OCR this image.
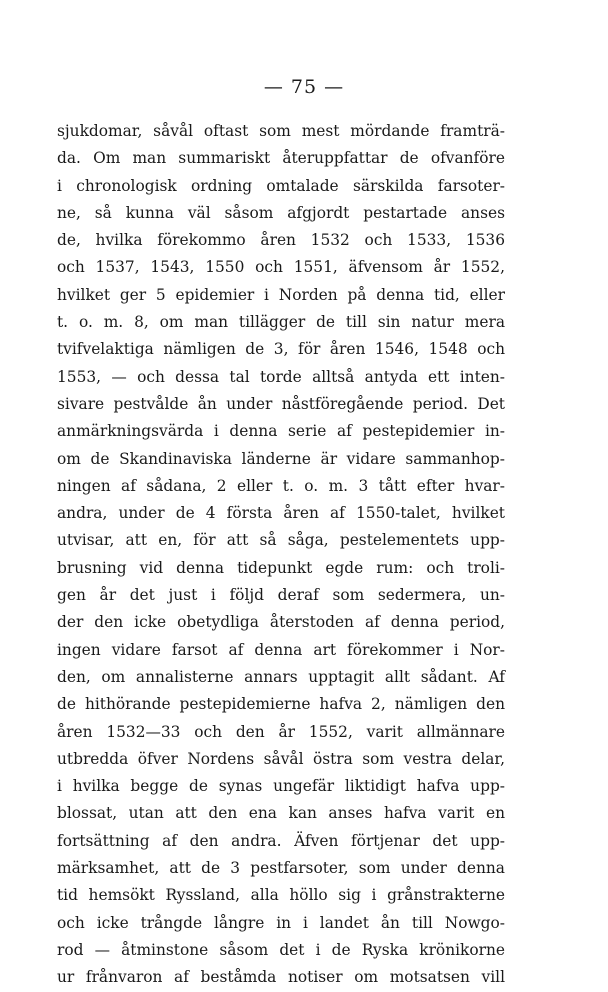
— 75 —
sjukdomar, såvål oftast som mest mördande framträ-
da. Om man summariskt återuppfattar de ofvanföre
i chronologisk ordning omtalade särskilda farsoter-
ne, så kunna väl såsom afgjordt pestartade anses
de, hvilka förekommo åren 1532 och 1533, 1536
och 1537, 1543, 1550 och 1551, äfvensom år 1552,
hvilket ger 5 epidemier i Norden på denna tid, eller
t. o. m. 8, om man tillägger de till sin natur mera
tvifvelaktiga nämligen de 3, för åren 1546, 1548 och
1553, — och dessa tal torde alltså antyda ett inten-
sivare pestvålde ån under nåstföregående period. Det
anmärkningsvärda i denna serie af pestepidemier in-
om de Skandinaviska länderne är vidare sammanhop-
ningen af sådana, 2 eller t. o. m. 3 tått efter hvar-
andra, under de 4 första åren af 1550-talet, hvilket
utvisar, att en, för att så såga, pestelementets upp-
brusning vid denna tidepunkt egde rum: och troli-
gen år det just i följd deraf som sedermera, un-
der den icke obetydliga återstoden af denna period,
ingen vidare farsot af denna art förekommer i Nor-
den, om annalisterne annars upptagit allt sådant. Af
de hithörande pestepidemierne hafva 2, nämligen den
åren 1532—33 och den år 1552, varit allmännare
utbredda öfver Nordens såvål östra som vestra delar,
i hvilka begge de synas ungefär liktidigt hafva upp-
blossat, utan att den ena kan anses hafva varit en
fortsättning af den andra. Äfven förtjenar det upp-
märksamhet, att de 3 pestfarsoter, som under denna
tid hemsökt Ryssland, alla höllo sig i grånstrakterne
och icke trångde långre in i landet ån till Nowgo-
rod — åtminstone såsom det i de Ryska krönikorne
ur frånvaron af beståmda notiser om motsatsen vill
